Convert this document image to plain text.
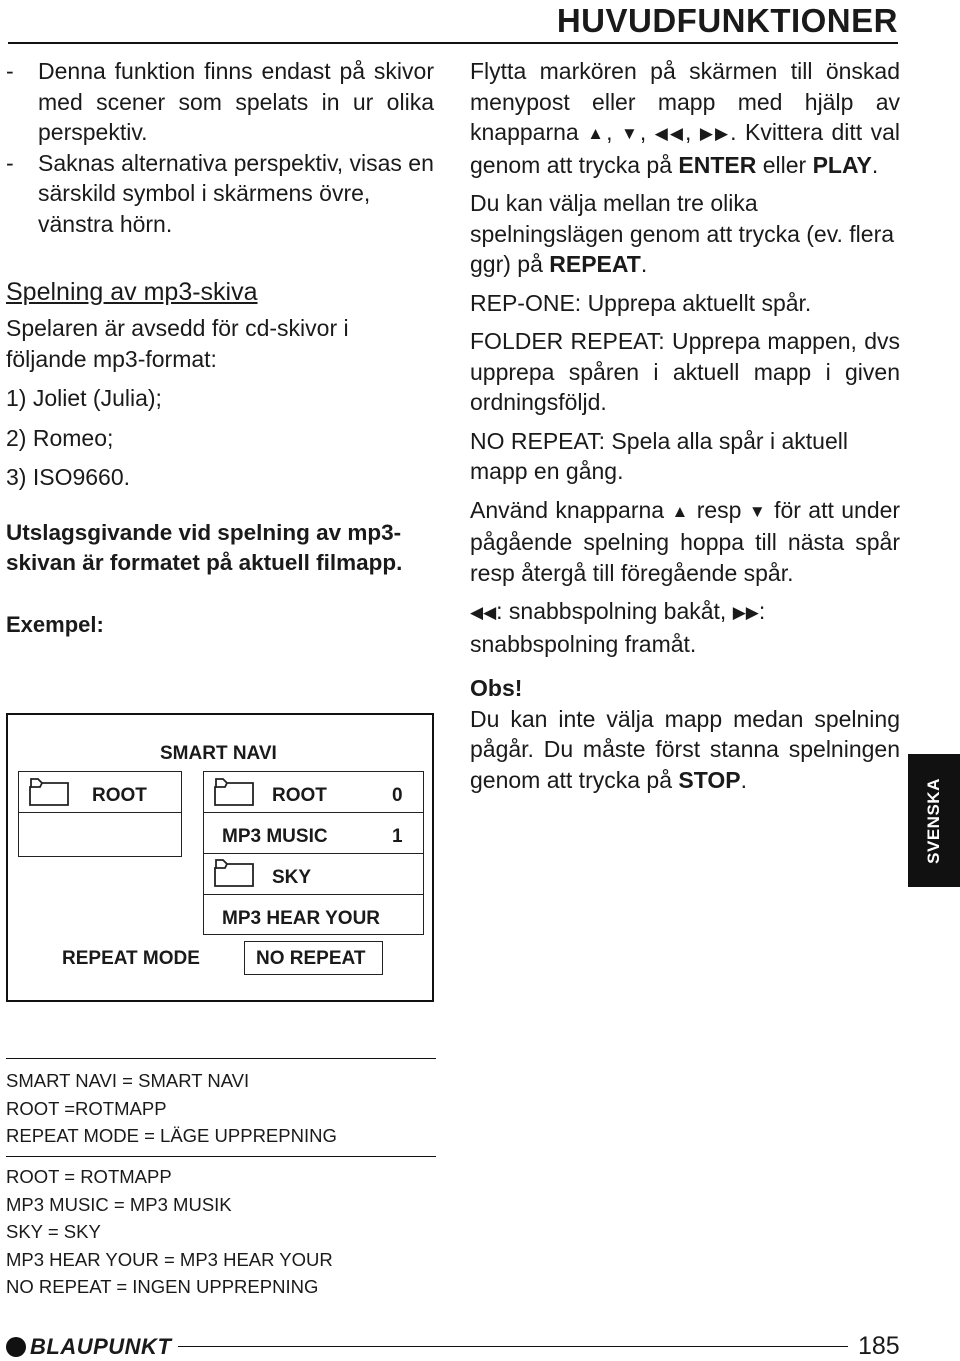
HUVUDFUNKTIONER
-	Denna funktion finns endast på skivor med scener som spelats in ur olika perspektiv.
-	Saknas alternativa perspektiv, visas en särskild symbol i skärmens övre, vänstra hörn.

Spelning av mp3-skiva

Spelaren är avsedd för cd-skivor i följande mp3-format:

1) Joliet (Julia);

2) Romeo;

3) ISO9660.

Utslagsgivande vid spelning av mp3-skivan är formatet på aktuell filmapp.

Exempel:

SMART NAVI
ROOT	ROOT	0
MP3 MUSIC	1
SKY
MP3 HEAR YOUR
REPEAT MODE	NO REPEAT

Flytta markören på skärmen till önskad menypost eller mapp med hjälp av knapparna ▲, ▼, ◀◀, ▶▶. Kvittera ditt val genom att trycka på ENTER eller PLAY.

Du kan välja mellan tre olika spelningslägen genom att trycka (ev. flera ggr) på REPEAT.

REP-ONE: Upprepa aktuellt spår.

FOLDER REPEAT: Upprepa mappen, dvs upprepa spåren i aktuell mapp i given ordningsföljd.

NO REPEAT: Spela alla spår i aktuell mapp en gång.

Använd knapparna ▲ resp ▼ för att under pågående spelning hoppa till nästa spår resp återgå till föregående spår.

◀◀: snabbspolning bakåt, ▶▶: snabbspolning framåt.

Obs!

Du kan inte välja mapp medan spelning pågår. Du måste först stanna spelningen genom att trycka på STOP.	SVENSKA
SMART NAVI = SMART NAVI
ROOT =ROTMAPP
REPEAT MODE = LÄGE UPPREPNING
ROOT = ROTMAPP
MP3 MUSIC = MP3 MUSIK
SKY = SKY
MP3 HEAR YOUR = MP3 HEAR YOUR
NO REPEAT = INGEN UPPREPNING
BLAUPUNKT	185
